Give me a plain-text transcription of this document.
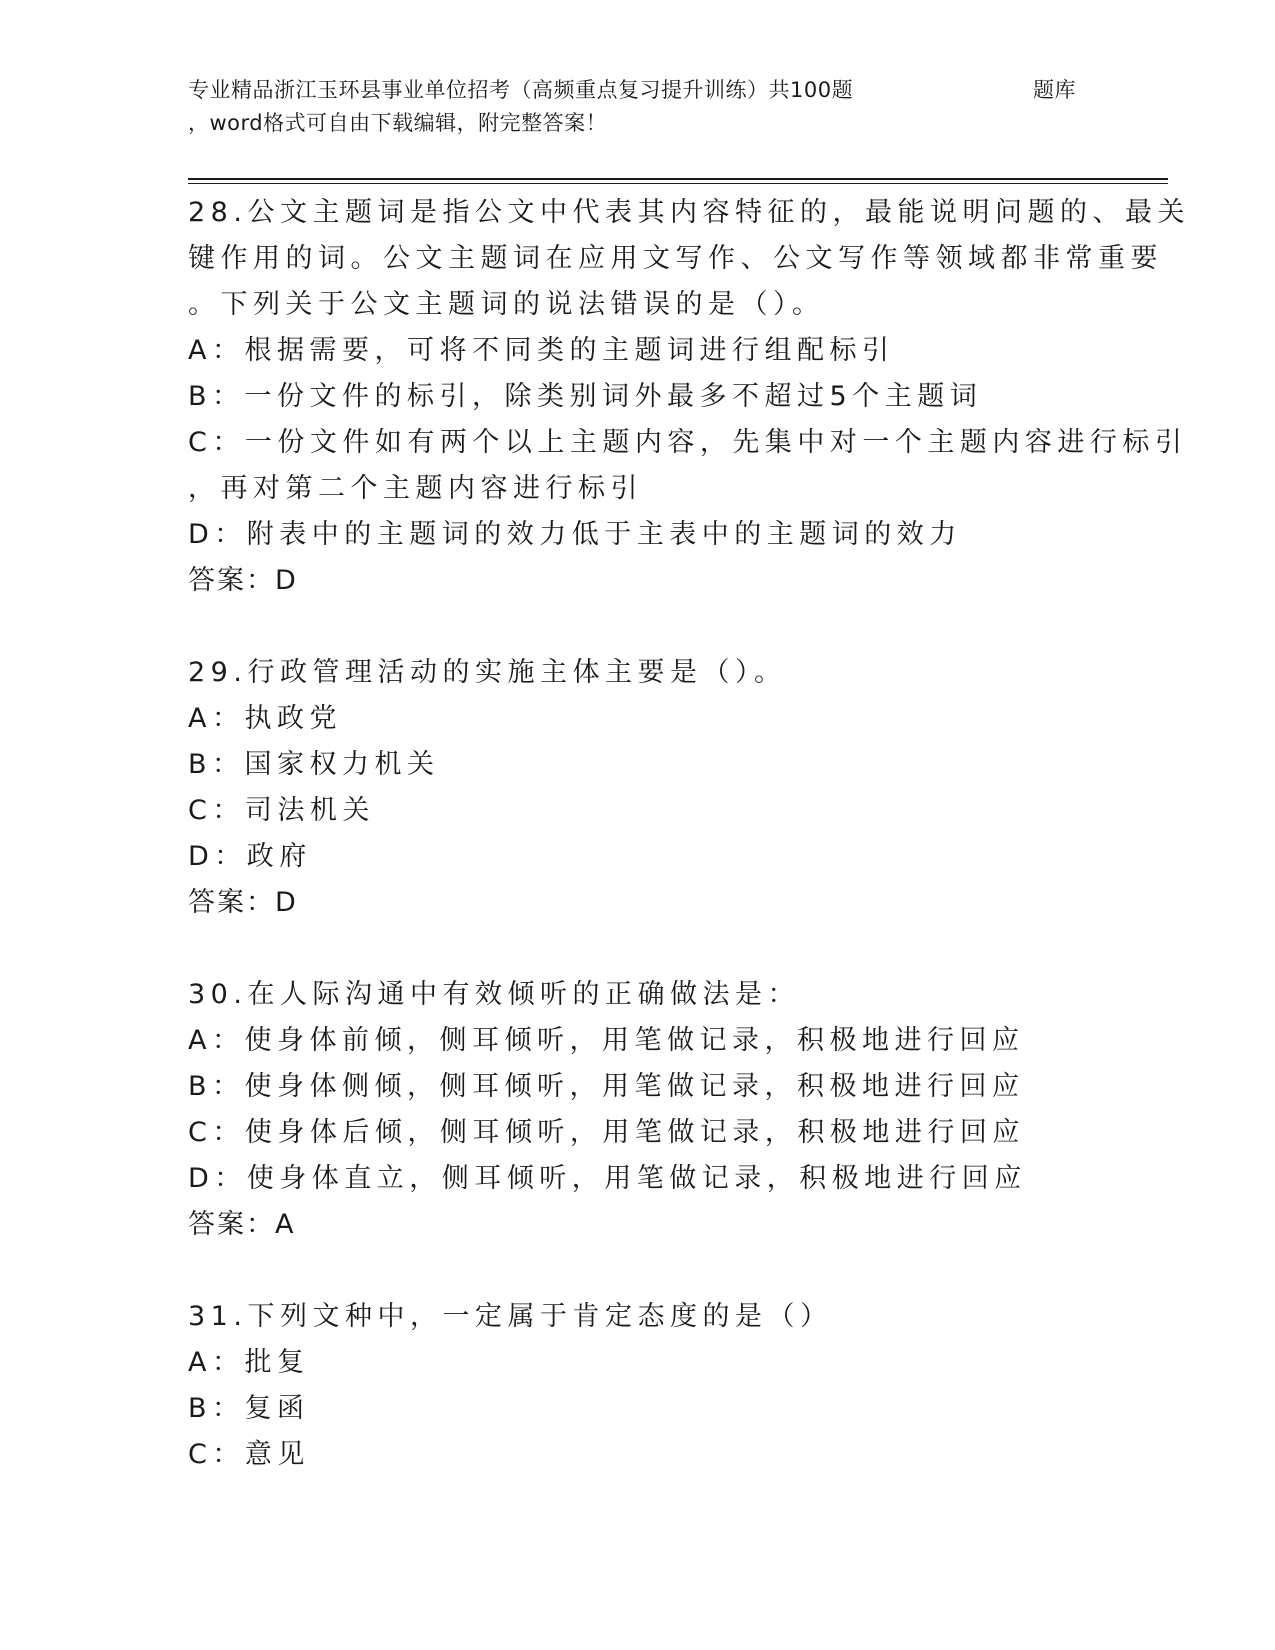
专业精品浙江玉环县事业单位招考（高频重点复习提升训练）共100题	题库
，word格式可自由下载编辑，附完整答案！
28.公文主题词是指公文中代表其内容特征的，最能说明问题的、最关
键作用的词。公文主题词在应用文写作、公文写作等领域都非常重要
。下列关于公文主题词的说法错误的是（）。
A：根据需要，可将不同类的主题词进行组配标引
B：一份文件的标引，除类别词外最多不超过5个主题词
C：一份文件如有两个以上主题内容，先集中对一个主题内容进行标引
，再对第二个主题内容进行标引
D：附表中的主题词的效力低于主表中的主题词的效力
答案：D
29.行政管理活动的实施主体主要是（）。
A：执政党
B：国家权力机关
C：司法机关
D：政府
答案：D
30.在人际沟通中有效倾听的正确做法是：
A：使身体前倾，侧耳倾听，用笔做记录，积极地进行回应
B：使身体侧倾，侧耳倾听，用笔做记录，积极地进行回应
C：使身体后倾，侧耳倾听，用笔做记录，积极地进行回应
D：使身体直立，侧耳倾听，用笔做记录，积极地进行回应
答案：A
31.下列文种中，一定属于肯定态度的是（）
A：批复
B：复函
C：意见
